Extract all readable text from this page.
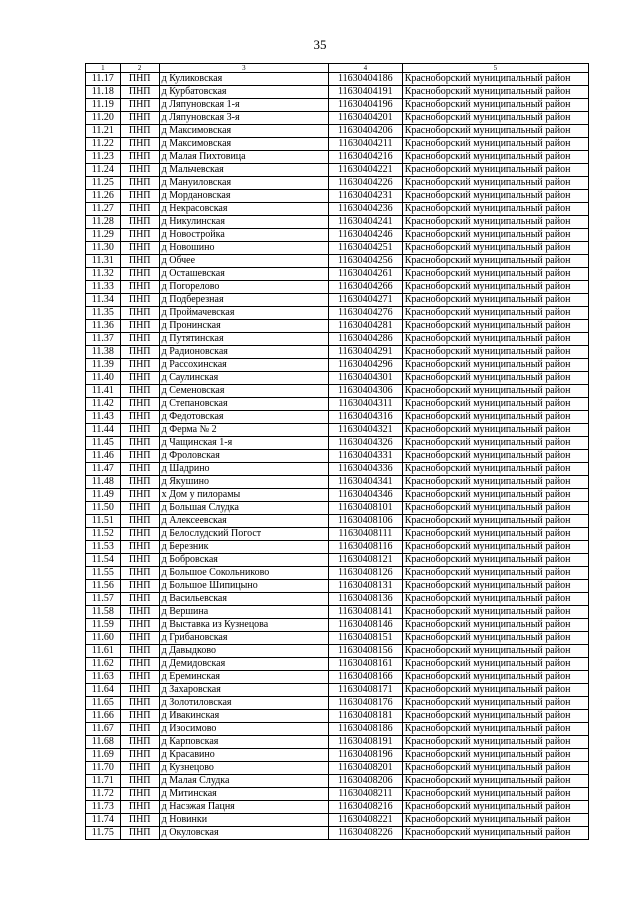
35
1	2	3	4	5
11.17	ПНП	д Куликовская	11630404186	Красноборский муниципальный район
11.18	ПНП	д Курбатовская	11630404191	Красноборский муниципальный район
11.19	ПНП	д Ляпуновская 1-я	11630404196	Красноборский муниципальный район
11.20	ПНП	д Ляпуновская 3-я	11630404201	Красноборский муниципальный район
11.21	ПНП	д Максимовская	11630404206	Красноборский муниципальный район
11.22	ПНП	д Максимовская	11630404211	Красноборский муниципальный район
11.23	ПНП	д Малая Пихтовица	11630404216	Красноборский муниципальный район
11.24	ПНП	д Мальчевская	11630404221	Красноборский муниципальный район
11.25	ПНП	д Мануиловская	11630404226	Красноборский муниципальный район
11.26	ПНП	д Мордановская	11630404231	Красноборский муниципальный район
11.27	ПНП	д Некрасовская	11630404236	Красноборский муниципальный район
11.28	ПНП	д Никулинская	11630404241	Красноборский муниципальный район
11.29	ПНП	д Новостройка	11630404246	Красноборский муниципальный район
11.30	ПНП	д Новошино	11630404251	Красноборский муниципальный район
11.31	ПНП	д Обчее	11630404256	Красноборский муниципальный район
11.32	ПНП	д Осташевская	11630404261	Красноборский муниципальный район
11.33	ПНП	д Погорелово	11630404266	Красноборский муниципальный район
11.34	ПНП	д Подберезная	11630404271	Красноборский муниципальный район
11.35	ПНП	д Проймачевская	11630404276	Красноборский муниципальный район
11.36	ПНП	д Пронинская	11630404281	Красноборский муниципальный район
11.37	ПНП	д Путятинская	11630404286	Красноборский муниципальный район
11.38	ПНП	д Радионовская	11630404291	Красноборский муниципальный район
11.39	ПНП	д Рассохинская	11630404296	Красноборский муниципальный район
11.40	ПНП	д Саулинская	11630404301	Красноборский муниципальный район
11.41	ПНП	д Семеновская	11630404306	Красноборский муниципальный район
11.42	ПНП	д Степановская	11630404311	Красноборский муниципальный район
11.43	ПНП	д Федотовская	11630404316	Красноборский муниципальный район
11.44	ПНП	д Ферма № 2	11630404321	Красноборский муниципальный район
11.45	ПНП	д Чащинская 1-я	11630404326	Красноборский муниципальный район
11.46	ПНП	д Фроловская	11630404331	Красноборский муниципальный район
11.47	ПНП	д Шадрино	11630404336	Красноборский муниципальный район
11.48	ПНП	д Якушино	11630404341	Красноборский муниципальный район
11.49	ПНП	х Дом у пилорамы	11630404346	Красноборский муниципальный район
11.50	ПНП	д Большая Слудка	11630408101	Красноборский муниципальный район
11.51	ПНП	д Алексеевская	11630408106	Красноборский муниципальный район
11.52	ПНП	д Белослудский Погост	11630408111	Красноборский муниципальный район
11.53	ПНП	д Березник	11630408116	Красноборский муниципальный район
11.54	ПНП	д Бобровская	11630408121	Красноборский муниципальный район
11.55	ПНП	д Большое Сокольниково	11630408126	Красноборский муниципальный район
11.56	ПНП	д Большое Шипицыно	11630408131	Красноборский муниципальный район
11.57	ПНП	д Васильевская	11630408136	Красноборский муниципальный район
11.58	ПНП	д Вершина	11630408141	Красноборский муниципальный район
11.59	ПНП	д Выставка из Кузнецова	11630408146	Красноборский муниципальный район
11.60	ПНП	д Грибановская	11630408151	Красноборский муниципальный район
11.61	ПНП	д Давыдково	11630408156	Красноборский муниципальный район
11.62	ПНП	д Демидовская	11630408161	Красноборский муниципальный район
11.63	ПНП	д Ереминская	11630408166	Красноборский муниципальный район
11.64	ПНП	д Захаровская	11630408171	Красноборский муниципальный район
11.65	ПНП	д Золотиловская	11630408176	Красноборский муниципальный район
11.66	ПНП	д Ивакинская	11630408181	Красноборский муниципальный район
11.67	ПНП	д Изосимово	11630408186	Красноборский муниципальный район
11.68	ПНП	д Карповская	11630408191	Красноборский муниципальный район
11.69	ПНП	д Красавино	11630408196	Красноборский муниципальный район
11.70	ПНП	д Кузнецово	11630408201	Красноборский муниципальный район
11.71	ПНП	д Малая Слудка	11630408206	Красноборский муниципальный район
11.72	ПНП	д Митинская	11630408211	Красноборский муниципальный район
11.73	ПНП	д Насэжая Пацня	11630408216	Красноборский муниципальный район
11.74	ПНП	д Новинки	11630408221	Красноборский муниципальный район
11.75	ПНП	д Окуловская	11630408226	Красноборский муниципальный район
